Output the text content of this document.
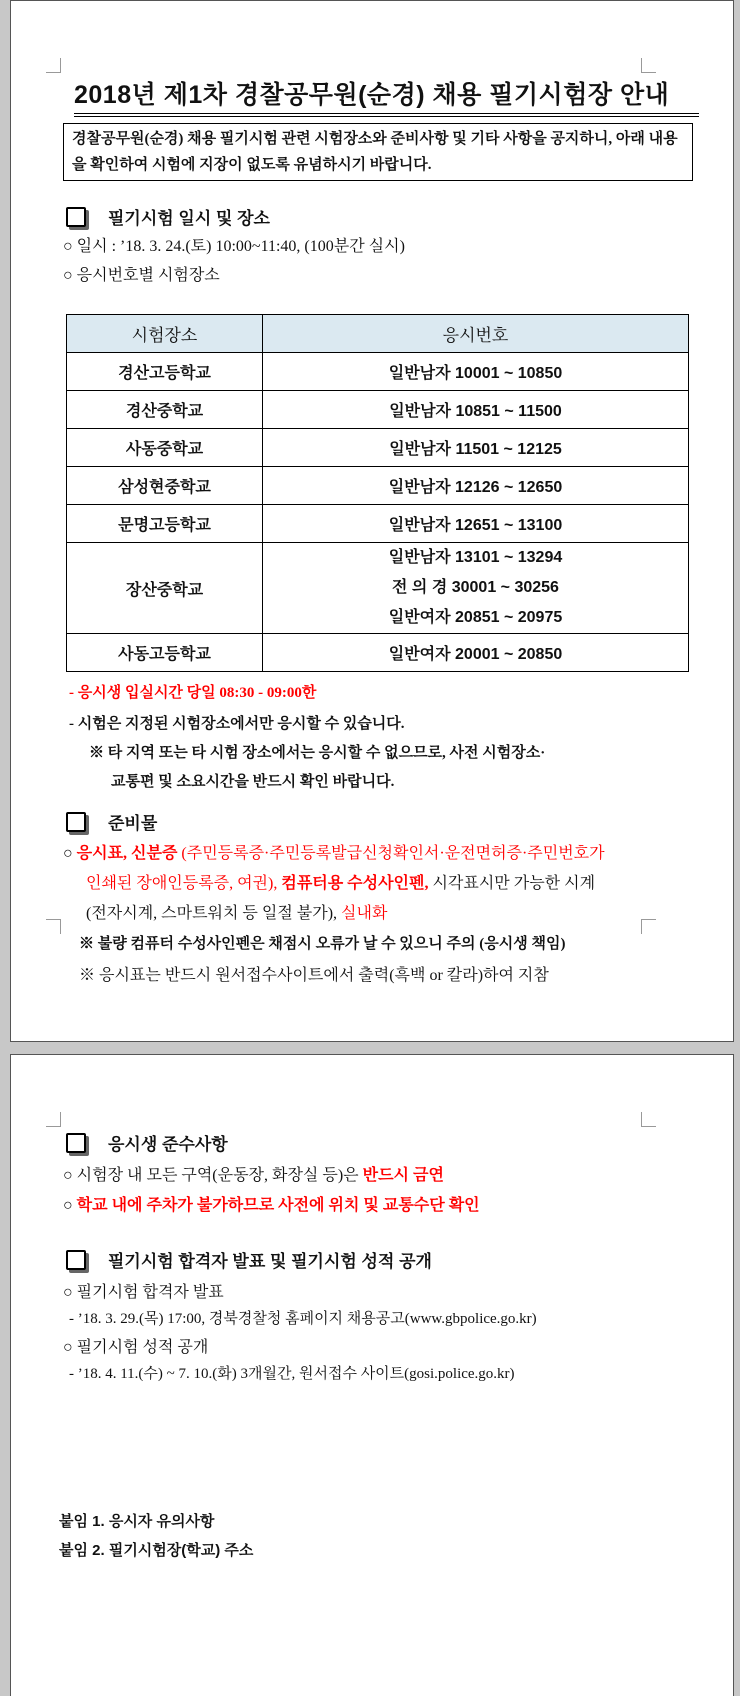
2018년 제1차 경찰공무원(순경) 채용 필기시험장 안내
경찰공무원(순경) 채용 필기시험 관련 시험장소와 준비사항 및 기타 사항을 공지하니, 아래 내용을 확인하여 시험에 지장이 없도록 유념하시기 바랍니다.
필기시험 일시 및 장소
○ 일시 : ’18. 3. 24.(토) 10:00~11:40, (100분간 실시)
○ 응시번호별 시험장소
시험장소	응시번호
경산고등학교	일반남자 10001 ~ 10850
경산중학교	일반남자 10851 ~ 11500
사동중학교	일반남자 11501 ~ 12125
삼성현중학교	일반남자 12126 ~ 12650
문명고등학교	일반남자 12651 ~ 13100
장산중학교	일반남자 13101 ~ 13294
전 의 경 30001 ~ 30256
일반여자 20851 ~ 20975

사동고등학교	일반여자 20001 ~ 20850
- 응시생 입실시간 당일 08:30 - 09:00한
- 시험은 지정된 시험장소에서만 응시할 수 있습니다.
※ 타 지역 또는 타 시험 장소에서는 응시할 수 없으므로, 사전 시험장소·
교통편 및 소요시간을 반드시 확인 바랍니다.
준비물
○ 응시표, 신분증 (주민등록증·주민등록발급신청확인서·운전면허증·주민번호가
인쇄된 장애인등록증, 여권), 컴퓨터용 수성사인펜, 시각표시만 가능한 시계
(전자시계, 스마트워치 등 일절 불가), 실내화
※ 불량 컴퓨터 수성사인펜은 채점시 오류가 날 수 있으니 주의 (응시생 책임)
※ 응시표는 반드시 원서접수사이트에서 출력(흑백 or 칼라)하여 지참
응시생 준수사항
○ 시험장 내 모든 구역(운동장, 화장실 등)은 반드시 금연
○ 학교 내에 주차가 불가하므로 사전에 위치 및 교통수단 확인
필기시험 합격자 발표 및 필기시험 성적 공개
○ 필기시험 합격자 발표
- ’18. 3. 29.(목) 17:00, 경북경찰청 홈페이지 채용공고(www.gbpolice.go.kr)
○ 필기시험 성적 공개
- ’18. 4. 11.(수) ~ 7. 10.(화) 3개월간, 원서접수 사이트(gosi.police.go.kr)
붙임 1. 응시자 유의사항
붙임 2. 필기시험장(학교) 주소
